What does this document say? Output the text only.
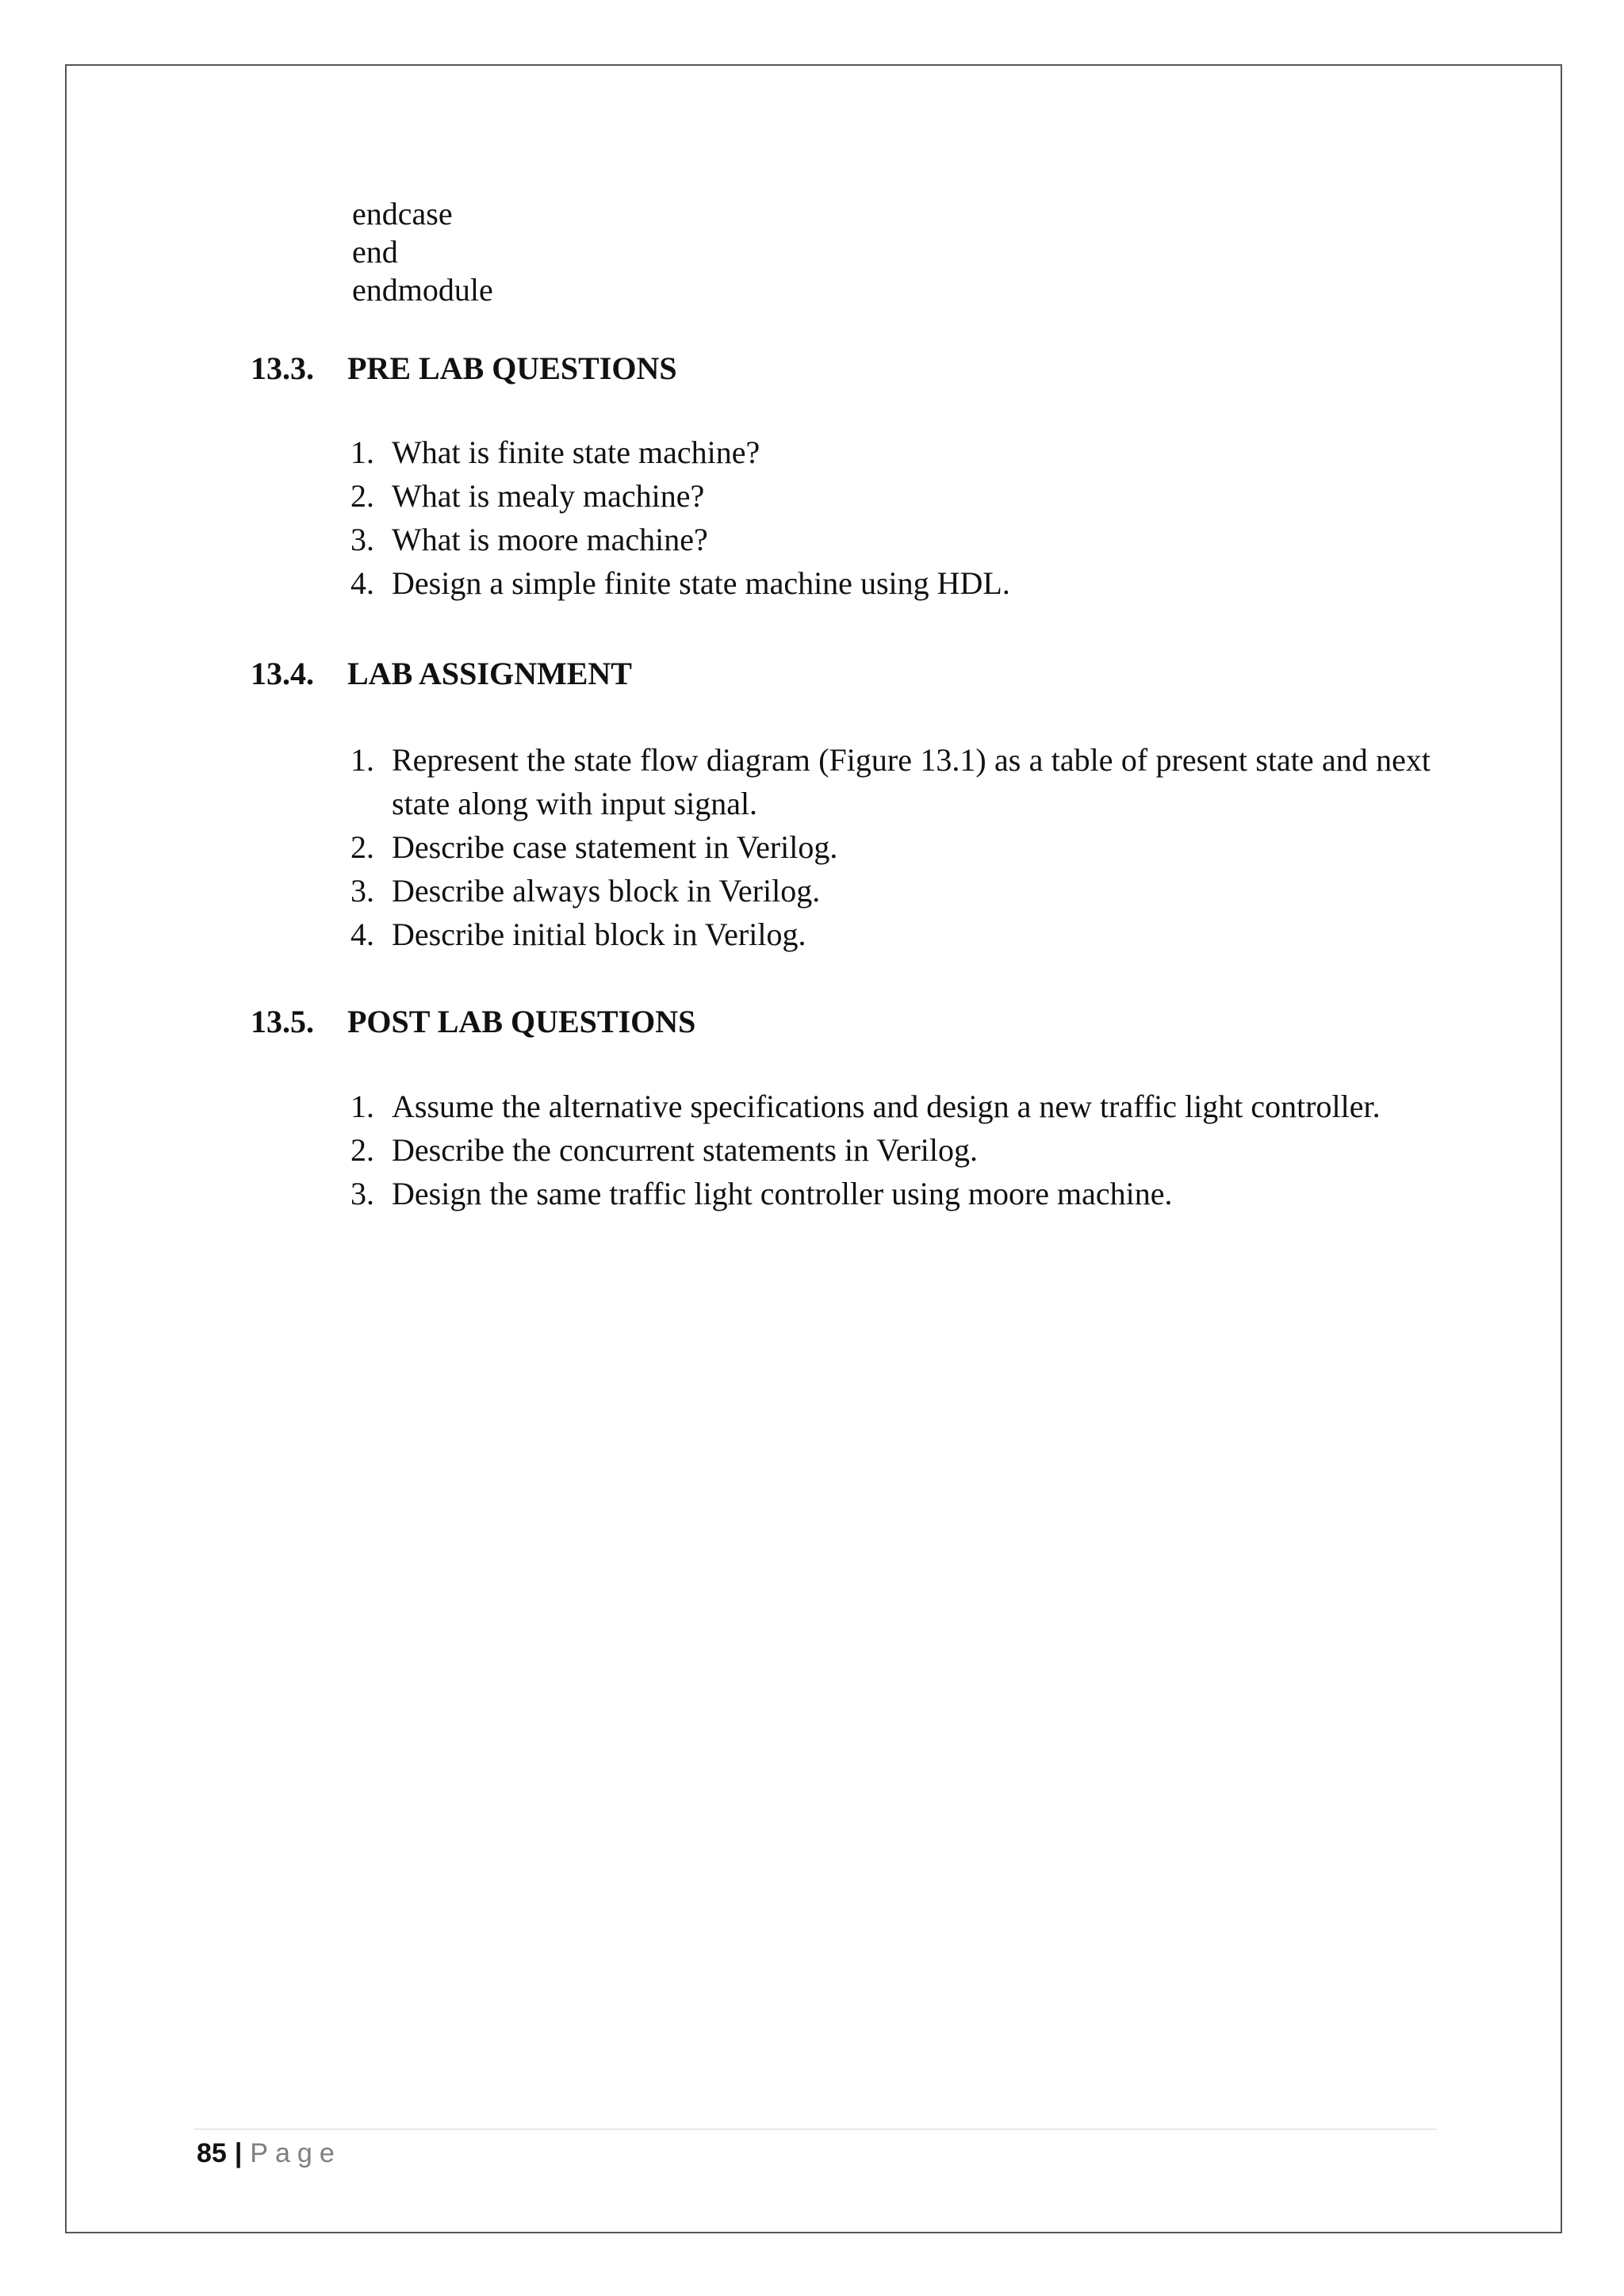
endcase
end
endmodule
13.3. PRE LAB QUESTIONS
1. What is finite state machine?
2. What is mealy machine?
3. What is moore machine?
4. Design a simple finite state machine using HDL.
13.4. LAB ASSIGNMENT
1. Represent the state flow diagram (Figure 13.1) as a table of present state and next state along with input signal.
2. Describe case statement in Verilog.
3. Describe always block in Verilog.
4. Describe initial block in Verilog.
13.5. POST LAB QUESTIONS
1. Assume the alternative specifications and design a new traffic light controller.
2. Describe the concurrent statements in Verilog.
3. Design the same traffic light controller using moore machine.
85 | Page
